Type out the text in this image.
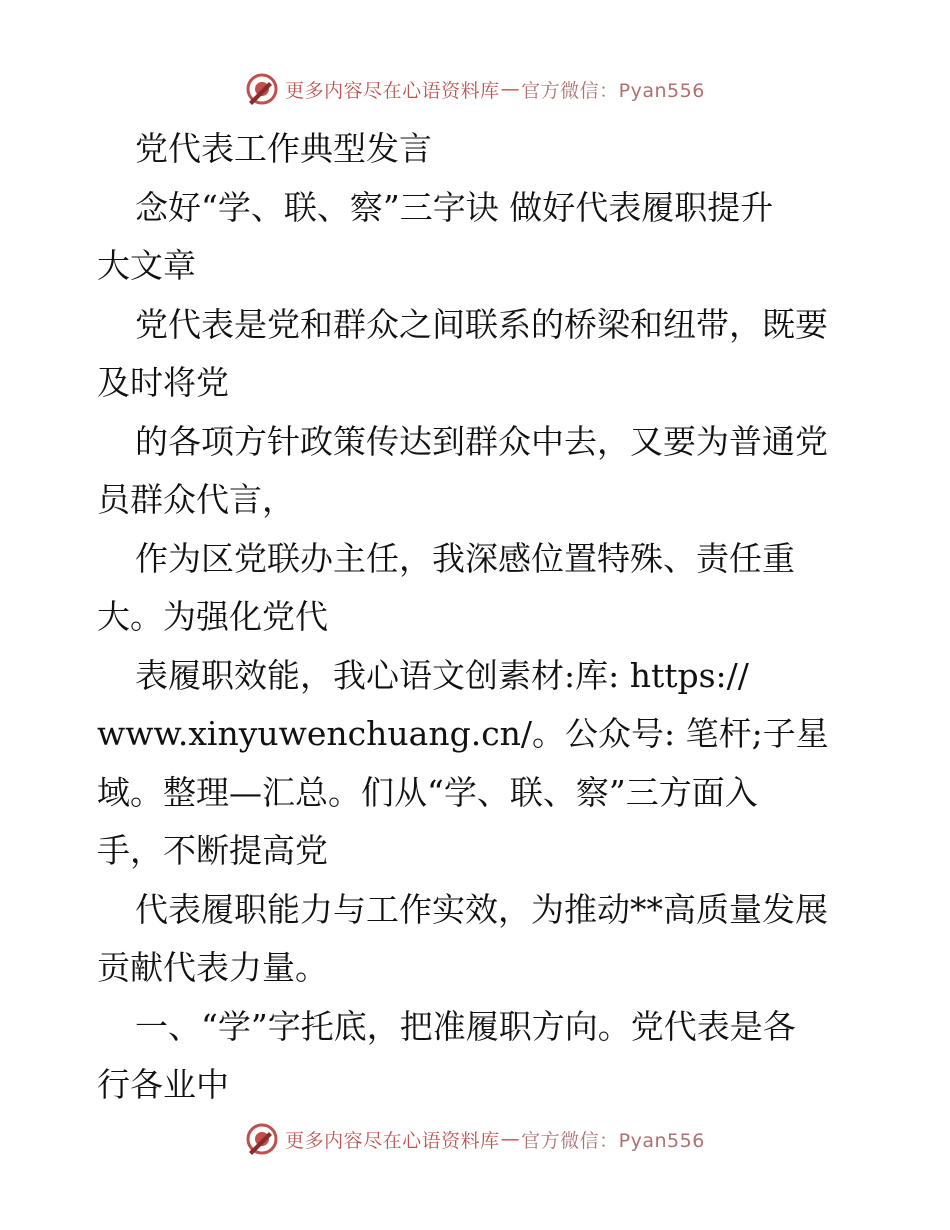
更多内容尽在心语资料库 — 官方微信：Pyan556

党代表工作典型发言

念好“学、联、察”三字诀 做好代表履职提升

大文章

党代表是党和群众之间联系的桥梁和纽带，既要

及时将党

的各项方针政策传达到群众中去，又要为普通党

员群众代言，

作为区党联办主任，我深感位置特殊、责任重

大。为强化党代

表履职效能，我心语文创素材:库: https://

www.xinyuwenchuang.cn/。公众号: 笔杆;子星

域。整理—汇总。们从“学、联、察”三方面入

手，不断提高党

代表履职能力与工作实效，为推动**高质量发展

贡献代表力量。

一、“学”字托底，把准履职方向。党代表是各

行各业中

更多内容尽在心语资料库 — 官方微信：Pyan556
